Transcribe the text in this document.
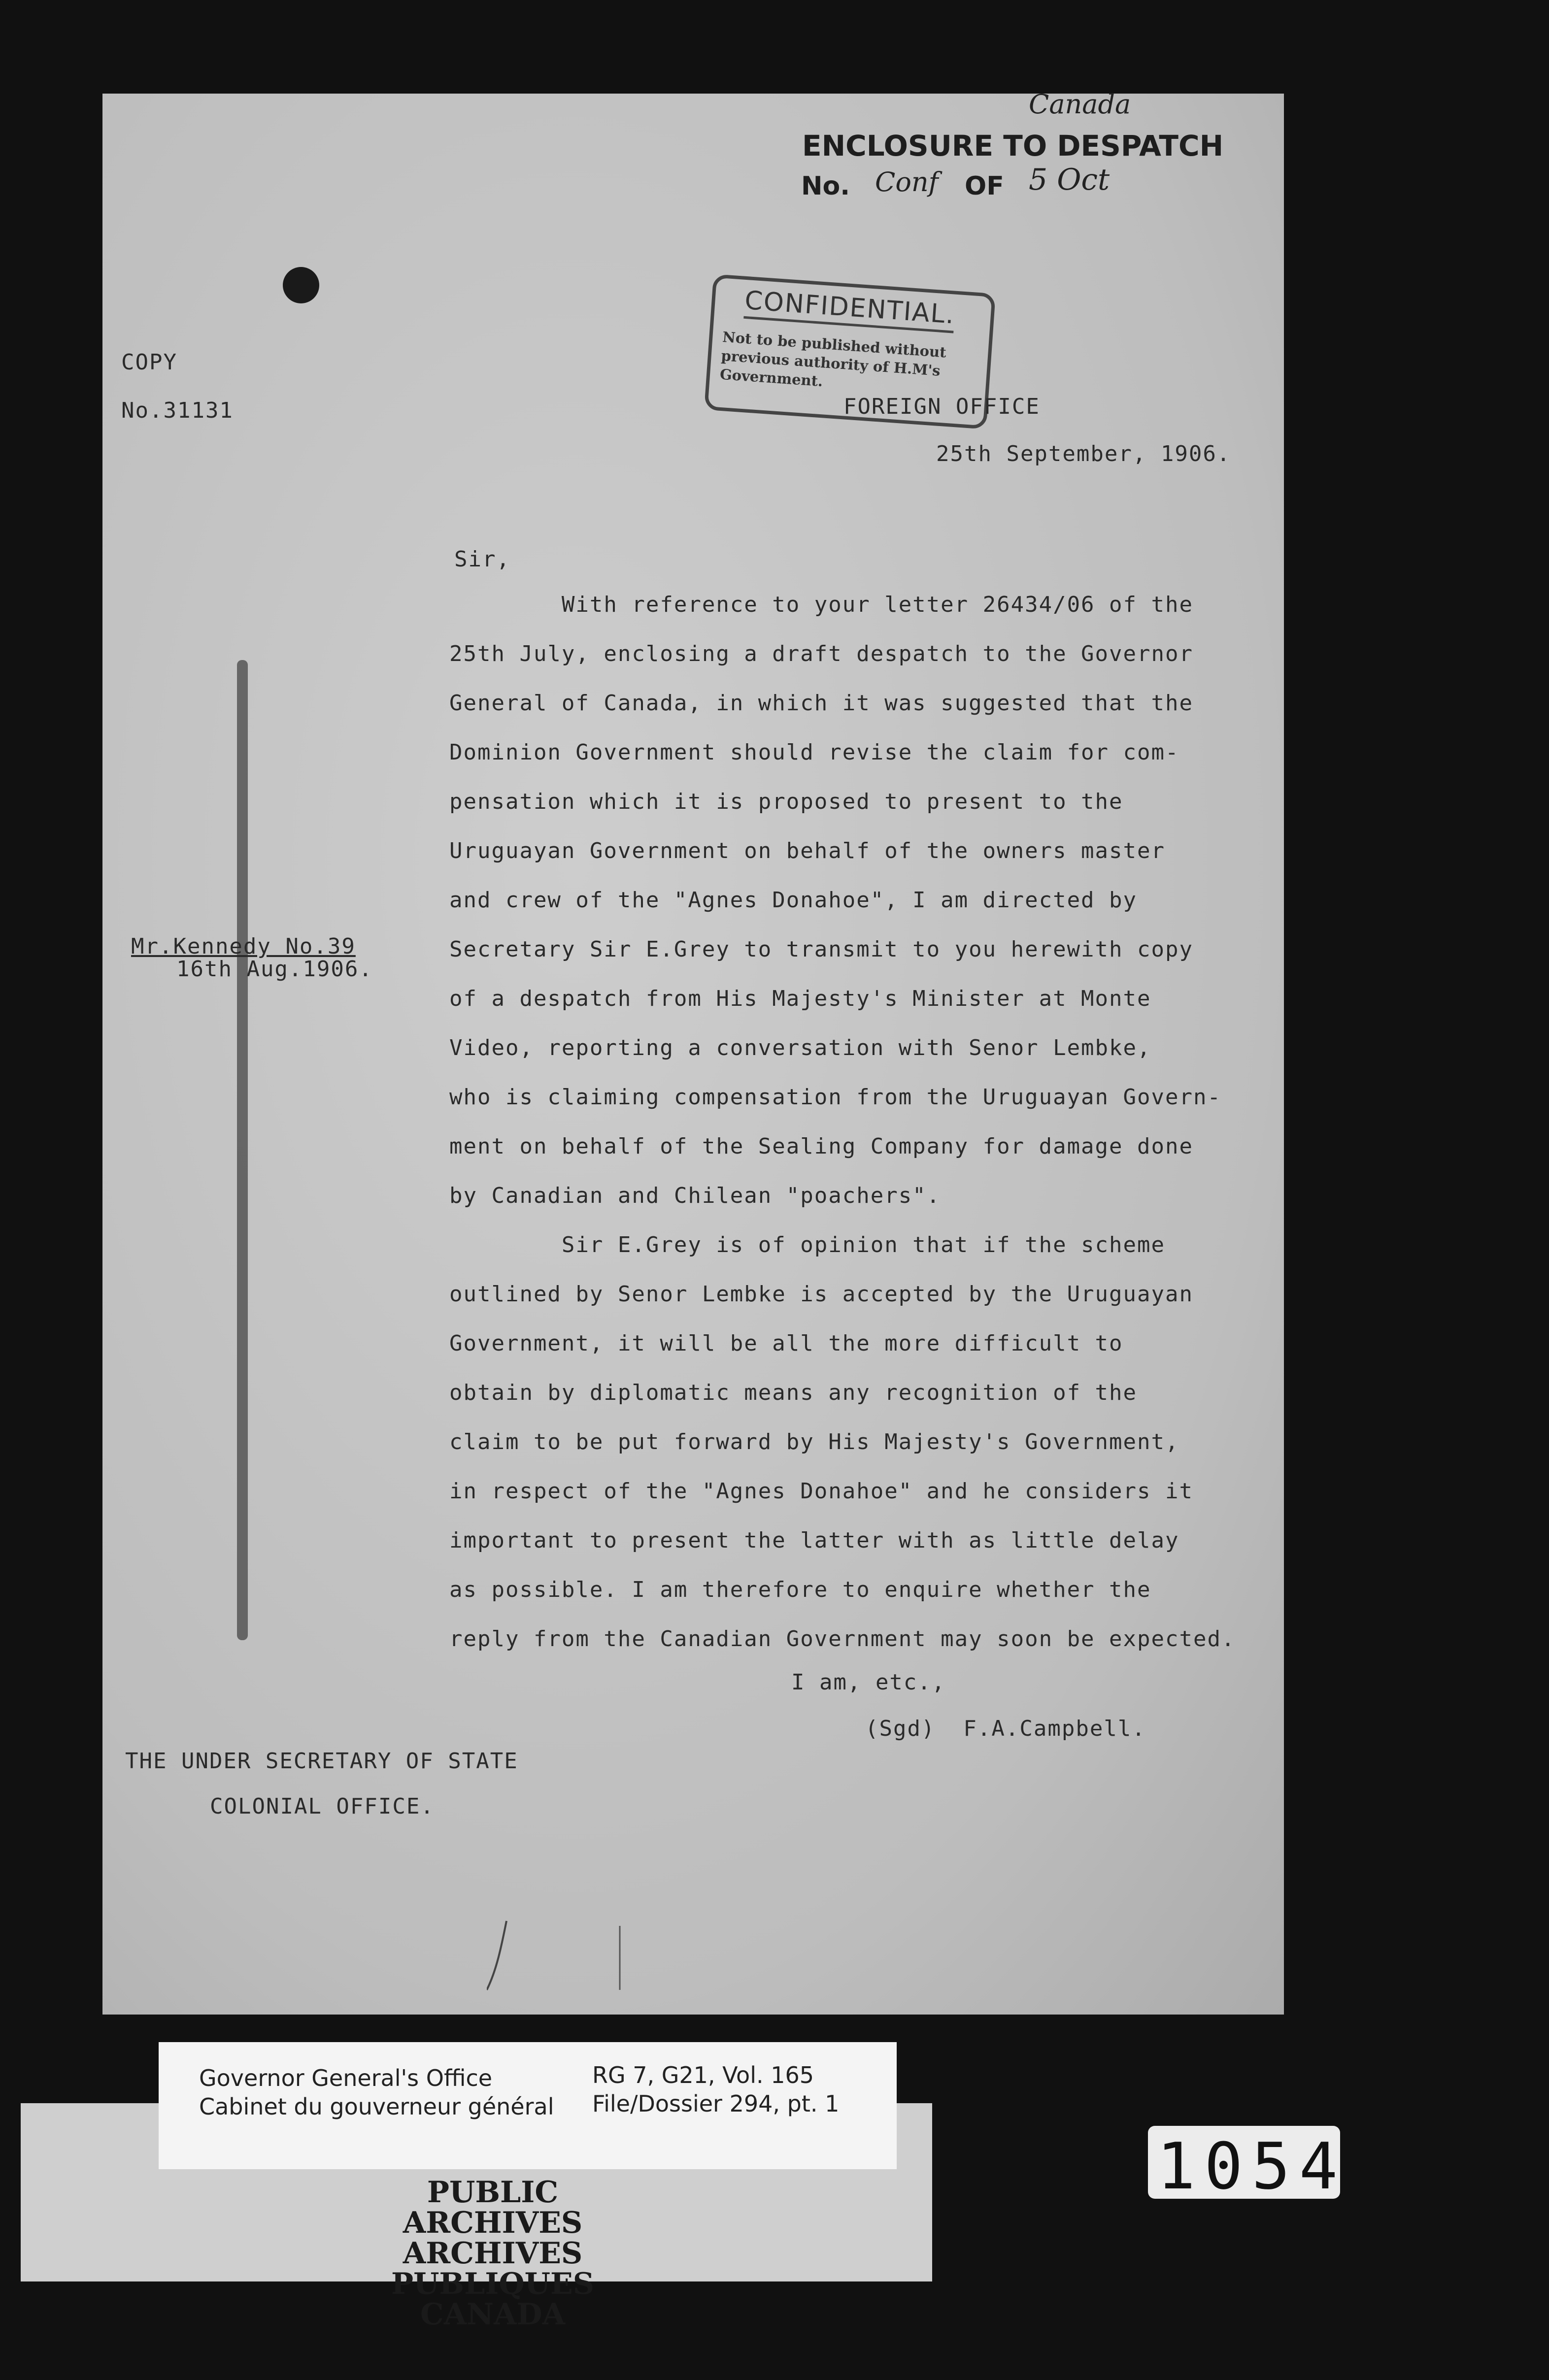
ENCLOSURE TO DESPATCH
No.	OF
Canada
Conf	5 Oct
CONFIDENTIAL.
Not to be published without previous authority of H.M's Government.
COPY
No.31131	FOREIGN OFFICE
25th September, 1906.
Mr.Kennedy No.39
16th Aug.1906.
Sir,
With reference to your letter 26434/06 of the
25th July, enclosing a draft despatch to the Governor
General of Canada, in which it was suggested that the
Dominion Government should revise the claim for com-
pensation which it is proposed to present to the
Uruguayan Government on behalf of the owners master
and crew of the "Agnes Donahoe", I am directed by
Secretary Sir E.Grey to transmit to you herewith copy
of a despatch from His Majesty's Minister at Monte
Video, reporting a conversation with Senor Lembke,
who is claiming compensation from the Uruguayan Govern-
ment on behalf of the Sealing Company for damage done
by Canadian and Chilean "poachers".
Sir E.Grey is of opinion that if the scheme
outlined by Senor Lembke is accepted by the Uruguayan
Government, it will be all the more difficult to
obtain by diplomatic means any recognition of the
claim to be put forward by His Majesty's Government,
in respect of the "Agnes Donahoe" and he considers it
important to present the latter with as little delay
as possible. I am therefore to enquire whether the
reply from the Canadian Government may soon be expected.
I am, etc.,
(Sgd)  F.A.Campbell.
THE UNDER SECRETARY OF STATE
COLONIAL OFFICE.
Governor General's Office
Cabinet du gouverneur général
RG 7, G21, Vol. 165
File/Dossier 294, pt. 1
PUBLIC ARCHIVES
ARCHIVES PUBLIQUES
CANADA
1054
